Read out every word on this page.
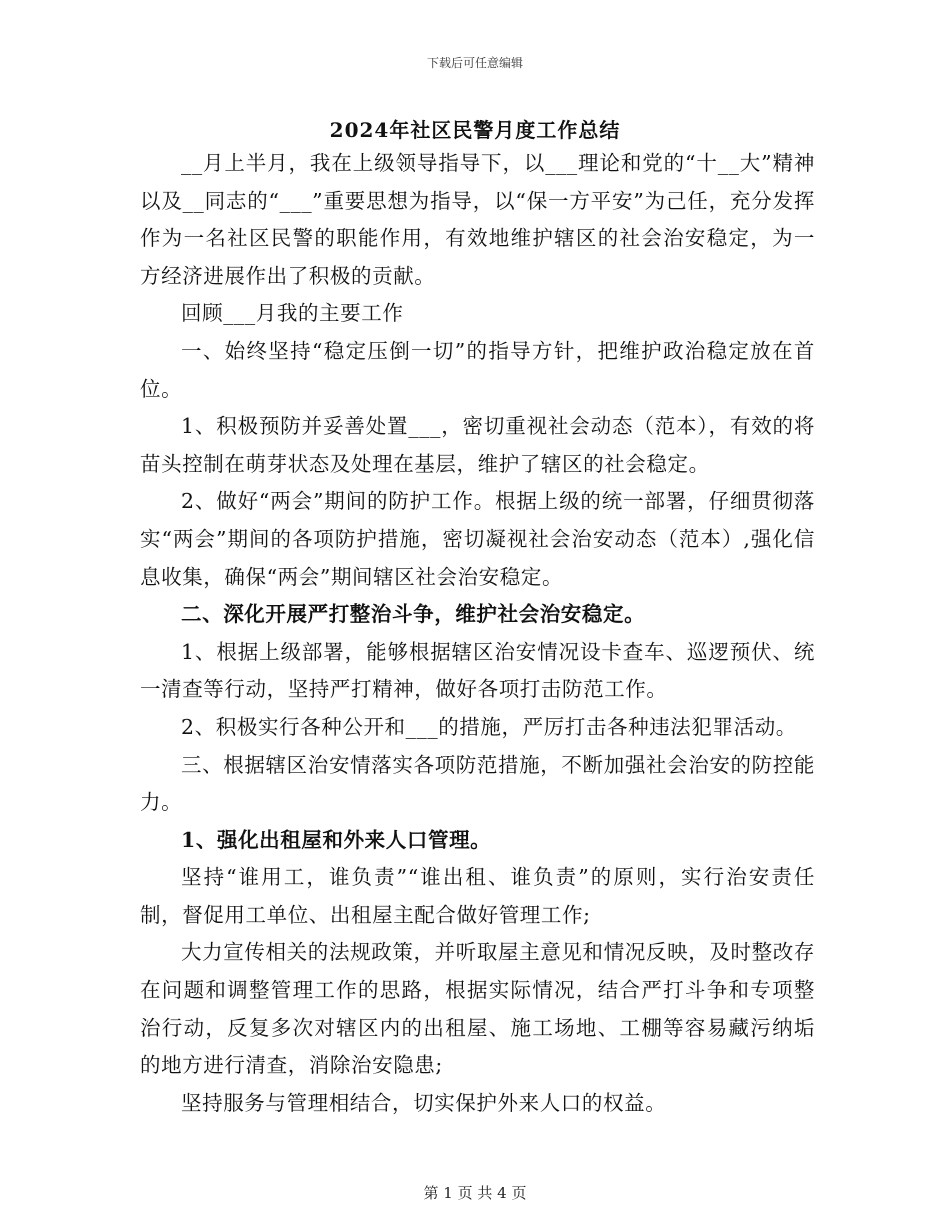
下载后可任意编辑
2024年社区民警月度工作总结

__月上半月，我在上级领导指导下，以___理论和党的“十__大”精神以及__同志的“___”重要思想为指导，以“保一方平安”为己任，充分发挥作为一名社区民警的职能作用，有效地维护辖区的社会治安稳定，为一方经济进展作出了积极的贡献。

回顾___月我的主要工作

一、始终坚持“稳定压倒一切”的指导方针，把维护政治稳定放在首位。

1、积极预防并妥善处置___，密切重视社会动态（范本），有效的将苗头控制在萌芽状态及处理在基层，维护了辖区的社会稳定。

2、做好“两会”期间的防护工作。根据上级的统一部署，仔细贯彻落实“两会”期间的各项防护措施，密切凝视社会治安动态（范本）,强化信息收集，确保“两会”期间辖区社会治安稳定。

二、深化开展严打整治斗争，维护社会治安稳定。

1、根据上级部署，能够根据辖区治安情况设卡查车、巡逻预伏、统一清查等行动，坚持严打精神，做好各项打击防范工作。

2、积极实行各种公开和___的措施，严厉打击各种违法犯罪活动。

三、根据辖区治安情落实各项防范措施，不断加强社会治安的防控能力。

1、强化出租屋和外来人口管理。

坚持“谁用工，谁负责”“谁出租、谁负责”的原则，实行治安责任制，督促用工单位、出租屋主配合做好管理工作;

大力宣传相关的法规政策，并听取屋主意见和情况反映，及时整改存在问题和调整管理工作的思路，根据实际情况，结合严打斗争和专项整治行动，反复多次对辖区内的出租屋、施工场地、工棚等容易藏污纳垢的地方进行清查，消除治安隐患;

坚持服务与管理相结合，切实保护外来人口的权益。

第 1 页 共 4 页
